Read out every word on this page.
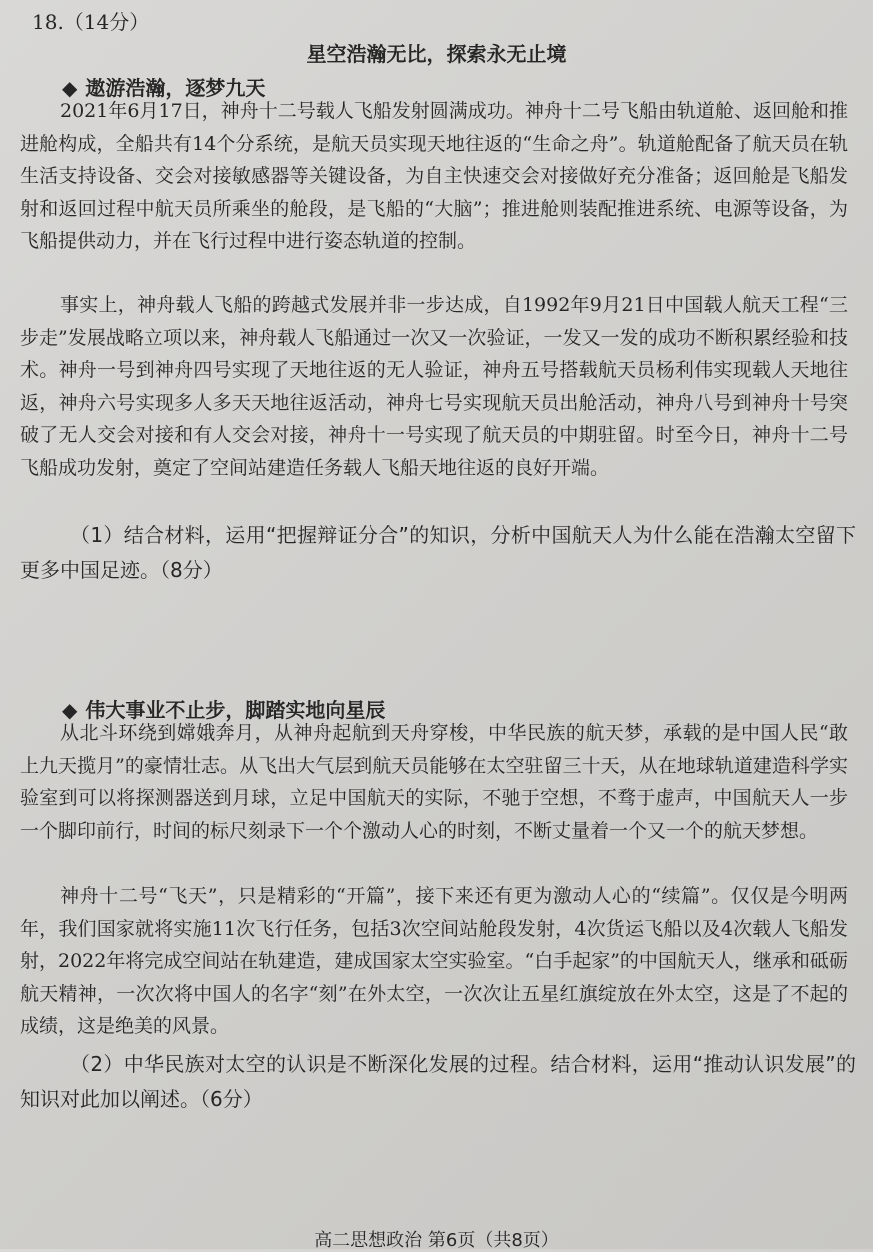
18.（14分）
星空浩瀚无比，探索永无止境
◆ 遨游浩瀚，逐梦九天

2021年6月17日，神舟十二号载人飞船发射圆满成功。神舟十二号飞船由轨道舱、返回舱和推进舱构成，全船共有14个分系统，是航天员实现天地往返的“生命之舟”。轨道舱配备了航天员在轨生活支持设备、交会对接敏感器等关键设备，为自主快速交会对接做好充分准备；返回舱是飞船发射和返回过程中航天员所乘坐的舱段，是飞船的“大脑”；推进舱则装配推进系统、电源等设备，为飞船提供动力，并在飞行过程中进行姿态轨道的控制。

事实上，神舟载人飞船的跨越式发展并非一步达成，自1992年9月21日中国载人航天工程“三步走”发展战略立项以来，神舟载人飞船通过一次又一次验证，一发又一发的成功不断积累经验和技术。神舟一号到神舟四号实现了天地往返的无人验证，神舟五号搭载航天员杨利伟实现载人天地往返，神舟六号实现多人多天天地往返活动，神舟七号实现航天员出舱活动，神舟八号到神舟十号突破了无人交会对接和有人交会对接，神舟十一号实现了航天员的中期驻留。时至今日，神舟十二号飞船成功发射，奠定了空间站建造任务载人飞船天地往返的良好开端。

（1）结合材料，运用“把握辩证分合”的知识，分析中国航天人为什么能在浩瀚太空留下更多中国足迹。（8分）

◆ 伟大事业不止步，脚踏实地向星辰

从北斗环绕到嫦娥奔月，从神舟起航到天舟穿梭，中华民族的航天梦，承载的是中国人民“敢上九天揽月”的豪情壮志。从飞出大气层到航天员能够在太空驻留三十天，从在地球轨道建造科学实验室到可以将探测器送到月球，立足中国航天的实际，不驰于空想，不骛于虚声，中国航天人一步一个脚印前行，时间的标尺刻录下一个个激动人心的时刻，不断丈量着一个又一个的航天梦想。

神舟十二号“飞天”，只是精彩的“开篇”，接下来还有更为激动人心的“续篇”。仅仅是今明两年，我们国家就将实施11次飞行任务，包括3次空间站舱段发射，4次货运飞船以及4次载人飞船发射，2022年将完成空间站在轨建造，建成国家太空实验室。“白手起家”的中国航天人，继承和砥砺航天精神，一次次将中国人的名字“刻”在外太空，一次次让五星红旗绽放在外太空，这是了不起的成绩，这是绝美的风景。

（2）中华民族对太空的认识是不断深化发展的过程。结合材料，运用“推动认识发展”的知识对此加以阐述。（6分）

高二思想政治 第6页（共8页）
